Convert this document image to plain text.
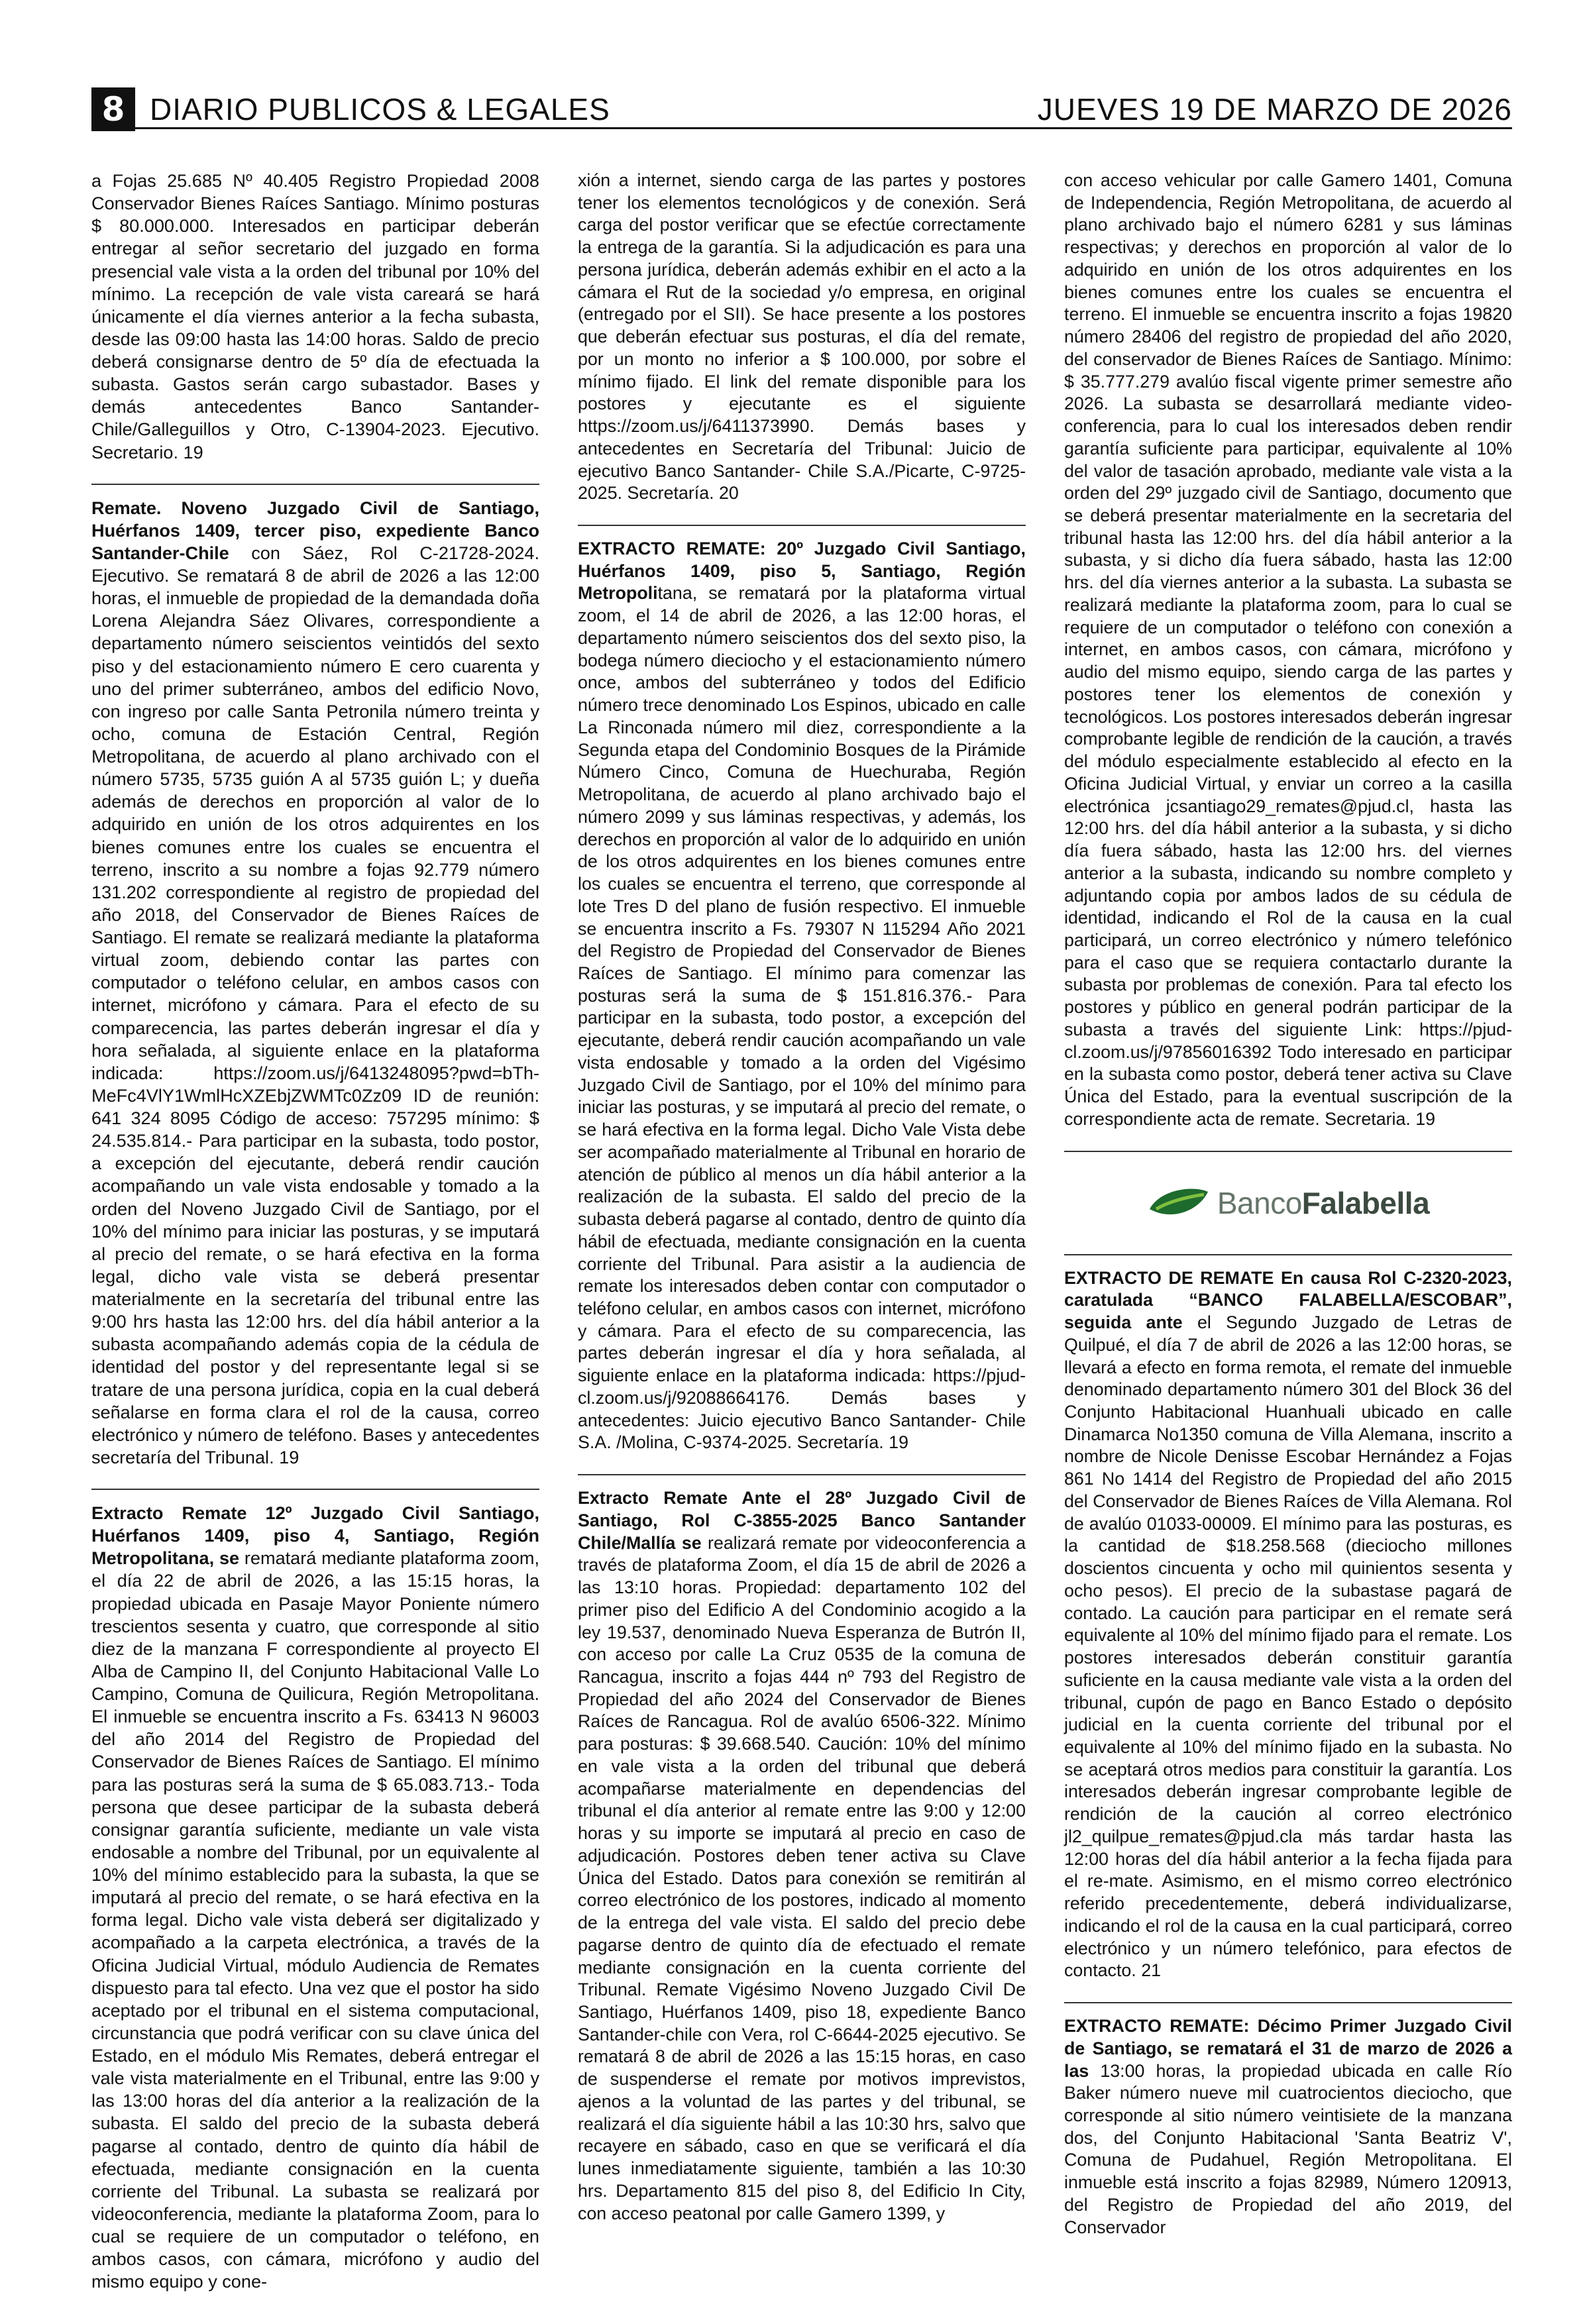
8 DIARIO PUBLICOS & LEGALES	JUEVES 19 DE MARZO DE 2026

a Fojas 25.685 Nº 40.405 Registro Propiedad 2008 Conservador Bienes Raíces Santiago. Mínimo posturas $ 80.000.000. Interesados en participar deberán entregar al señor secretario del juzgado en forma presencial vale vista a la orden del tribunal por 10% del mínimo. La recepción de vale vista careará se hará únicamente el día viernes anterior a la fecha subasta, desde las 09:00 hasta las 14:00 horas. Saldo de precio deberá consignarse dentro de 5º día de efectuada la subasta. Gastos serán cargo subastador. Bases y demás antecedentes Banco Santander-Chile/Galleguillos y Otro, C-13904-2023. Ejecutivo. Secretario. 19

Remate. Noveno Juzgado Civil de Santiago, Huérfanos 1409, tercer piso, expediente Banco Santander-Chile con Sáez, Rol C-21728-2024. Ejecutivo. Se rematará 8 de abril de 2026 a las 12:00 horas, el inmueble de propiedad de la demandada doña Lorena Alejandra Sáez Olivares, correspondiente a departamento número seiscientos veintidós del sexto piso y del estacionamiento número E cero cuarenta y uno del primer subterráneo, ambos del edificio Novo, con ingreso por calle Santa Petronila número treinta y ocho, comuna de Estación Central, Región Metropolitana, de acuerdo al plano archivado con el número 5735, 5735 guión A al 5735 guión L; y dueña además de derechos en proporción al valor de lo adquirido en unión de los otros adquirentes en los bienes comunes entre los cuales se encuentra el terreno, inscrito a su nombre a fojas 92.779 número 131.202 correspondiente al registro de propiedad del año 2018, del Conservador de Bienes Raíces de Santiago. El remate se realizará mediante la plataforma virtual zoom, debiendo contar las partes con computador o teléfono celular, en ambos casos con internet, micrófono y cámara. Para el efecto de su comparecencia, las partes deberán ingresar el día y hora señalada, al siguiente enlace en la plataforma indicada: https://zoom.us/j/6413248095?pwd=bTh-MeFc4VlY1WmlHcXZEbjZWMTc0Zz09 ID de reunión: 641 324 8095 Código de acceso: 757295 mínimo: $ 24.535.814.- Para participar en la subasta, todo postor, a excepción del ejecutante, deberá rendir caución acompañando un vale vista endosable y tomado a la orden del Noveno Juzgado Civil de Santiago, por el 10% del mínimo para iniciar las posturas, y se imputará al precio del remate, o se hará efectiva en la forma legal, dicho vale vista se deberá presentar materialmente en la secretaría del tribunal entre las 9:00 hrs hasta las 12:00 hrs. del día hábil anterior a la subasta acompañando además copia de la cédula de identidad del postor y del representante legal si se tratare de una persona jurídica, copia en la cual deberá señalarse en forma clara el rol de la causa, correo electrónico y número de teléfono. Bases y antecedentes secretaría del Tribunal. 19

Extracto Remate 12º Juzgado Civil Santiago, Huérfanos 1409, piso 4, Santiago, Región Metropolitana, se rematará mediante plataforma zoom, el día 22 de abril de 2026, a las 15:15 horas, la propiedad ubicada en Pasaje Mayor Poniente número trescientos sesenta y cuatro, que corresponde al sitio diez de la manzana F correspondiente al proyecto El Alba de Campino II, del Conjunto Habitacional Valle Lo Campino, Comuna de Quilicura, Región Metropolitana. El inmueble se encuentra inscrito a Fs. 63413 N 96003 del año 2014 del Registro de Propiedad del Conservador de Bienes Raíces de Santiago. El mínimo para las posturas será la suma de $ 65.083.713.- Toda persona que desee participar de la subasta deberá consignar garantía suficiente, mediante un vale vista endosable a nombre del Tribunal, por un equivalente al 10% del mínimo establecido para la subasta, la que se imputará al precio del remate, o se hará efectiva en la forma legal. Dicho vale vista deberá ser digitalizado y acompañado a la carpeta electrónica, a través de la Oficina Judicial Virtual, módulo Audiencia de Remates dispuesto para tal efecto. Una vez que el postor ha sido aceptado por el tribunal en el sistema computacional, circunstancia que podrá verificar con su clave única del Estado, en el módulo Mis Remates, deberá entregar el vale vista materialmente en el Tribunal, entre las 9:00 y las 13:00 horas del día anterior a la realización de la subasta. El saldo del precio de la subasta deberá pagarse al contado, dentro de quinto día hábil de efectuada, mediante consignación en la cuenta corriente del Tribunal. La subasta se realizará por videoconferencia, mediante la plataforma Zoom, para lo cual se requiere de un computador o teléfono, en ambos casos, con cámara, micrófono y audio del mismo equipo y cone-

xión a internet, siendo carga de las partes y postores tener los elementos tecnológicos y de conexión. Será carga del postor verificar que se efectúe correctamente la entrega de la garantía. Si la adjudicación es para una persona jurídica, deberán además exhibir en el acto a la cámara el Rut de la sociedad y/o empresa, en original (entregado por el SII). Se hace presente a los postores que deberán efectuar sus posturas, el día del remate, por un monto no inferior a $ 100.000, por sobre el mínimo fijado. El link del remate disponible para los postores y ejecutante es el siguiente https://zoom.us/j/6411373990. Demás bases y antecedentes en Secretaría del Tribunal: Juicio de ejecutivo Banco Santander- Chile S.A./Picarte, C-9725-2025. Secretaría. 20

EXTRACTO REMATE: 20º Juzgado Civil Santiago, Huérfanos 1409, piso 5, Santiago, Región Metropolitana, se rematará por la plataforma virtual zoom, el 14 de abril de 2026, a las 12:00 horas, el departamento número seiscientos dos del sexto piso, la bodega número dieciocho y el estacionamiento número once, ambos del subterráneo y todos del Edificio número trece denominado Los Espinos, ubicado en calle La Rinconada número mil diez, correspondiente a la Segunda etapa del Condominio Bosques de la Pirámide Número Cinco, Comuna de Huechuraba, Región Metropolitana, de acuerdo al plano archivado bajo el número 2099 y sus láminas respectivas, y además, los derechos en proporción al valor de lo adquirido en unión de los otros adquirentes en los bienes comunes entre los cuales se encuentra el terreno, que corresponde al lote Tres D del plano de fusión respectivo. El inmueble se encuentra inscrito a Fs. 79307 N 115294 Año 2021 del Registro de Propiedad del Conservador de Bienes Raíces de Santiago. El mínimo para comenzar las posturas será la suma de $ 151.816.376.- Para participar en la subasta, todo postor, a excepción del ejecutante, deberá rendir caución acompañando un vale vista endosable y tomado a la orden del Vigésimo Juzgado Civil de Santiago, por el 10% del mínimo para iniciar las posturas, y se imputará al precio del remate, o se hará efectiva en la forma legal. Dicho Vale Vista debe ser acompañado materialmente al Tribunal en horario de atención de público al menos un día hábil anterior a la realización de la subasta. El saldo del precio de la subasta deberá pagarse al contado, dentro de quinto día hábil de efectuada, mediante consignación en la cuenta corriente del Tribunal. Para asistir a la audiencia de remate los interesados deben contar con computador o teléfono celular, en ambos casos con internet, micrófono y cámara. Para el efecto de su comparecencia, las partes deberán ingresar el día y hora señalada, al siguiente enlace en la plataforma indicada: https://pjud-cl.zoom.us/j/92088664176. Demás bases y antecedentes: Juicio ejecutivo Banco Santander- Chile S.A. /Molina, C-9374-2025. Secretaría. 19

Extracto Remate Ante el 28º Juzgado Civil de Santiago, Rol C-3855-2025 Banco Santander Chile/Mallía se realizará remate por videoconferencia a través de plataforma Zoom, el día 15 de abril de 2026 a las 13:10 horas. Propiedad: departamento 102 del primer piso del Edificio A del Condominio acogido a la ley 19.537, denominado Nueva Esperanza de Butrón II, con acceso por calle La Cruz 0535 de la comuna de Rancagua, inscrito a fojas 444 nº 793 del Registro de Propiedad del año 2024 del Conservador de Bienes Raíces de Rancagua. Rol de avalúo 6506-322. Mínimo para posturas: $ 39.668.540. Caución: 10% del mínimo en vale vista a la orden del tribunal que deberá acompañarse materialmente en dependencias del tribunal el día anterior al remate entre las 9:00 y 12:00 horas y su importe se imputará al precio en caso de adjudicación. Postores deben tener activa su Clave Única del Estado. Datos para conexión se remitirán al correo electrónico de los postores, indicado al momento de la entrega del vale vista. El saldo del precio debe pagarse dentro de quinto día de efectuado el remate mediante consignación en la cuenta corriente del Tribunal. Remate Vigésimo Noveno Juzgado Civil De Santiago, Huérfanos 1409, piso 18, expediente Banco Santander-chile con Vera, rol C-6644-2025 ejecutivo. Se rematará 8 de abril de 2026 a las 15:15 horas, en caso de suspenderse el remate por motivos imprevistos, ajenos a la voluntad de las partes y del tribunal, se realizará el día siguiente hábil a las 10:30 hrs, salvo que recayere en sábado, caso en que se verificará el día lunes inmediatamente siguiente, también a las 10:30 hrs. Departamento 815 del piso 8, del Edificio In City, con acceso peatonal por calle Gamero 1399, y

con acceso vehicular por calle Gamero 1401, Comuna de Independencia, Región Metropolitana, de acuerdo al plano archivado bajo el número 6281 y sus láminas respectivas; y derechos en proporción al valor de lo adquirido en unión de los otros adquirentes en los bienes comunes entre los cuales se encuentra el terreno. El inmueble se encuentra inscrito a fojas 19820 número 28406 del registro de propiedad del año 2020, del conservador de Bienes Raíces de Santiago. Mínimo: $ 35.777.279 avalúo fiscal vigente primer semestre año 2026. La subasta se desarrollará mediante video-conferencia, para lo cual los interesados deben rendir garantía suficiente para participar, equivalente al 10% del valor de tasación aprobado, mediante vale vista a la orden del 29º juzgado civil de Santiago, documento que se deberá presentar materialmente en la secretaria del tribunal hasta las 12:00 hrs. del día hábil anterior a la subasta, y si dicho día fuera sábado, hasta las 12:00 hrs. del día viernes anterior a la subasta. La subasta se realizará mediante la plataforma zoom, para lo cual se requiere de un computador o teléfono con conexión a internet, en ambos casos, con cámara, micrófono y audio del mismo equipo, siendo carga de las partes y postores tener los elementos de conexión y tecnológicos. Los postores interesados deberán ingresar comprobante legible de rendición de la caución, a través del módulo especialmente establecido al efecto en la Oficina Judicial Virtual, y enviar un correo a la casilla electrónica jcsantiago29_remates@pjud.cl, hasta las 12:00 hrs. del día hábil anterior a la subasta, y si dicho día fuera sábado, hasta las 12:00 hrs. del viernes anterior a la subasta, indicando su nombre completo y adjuntando copia por ambos lados de su cédula de identidad, indicando el Rol de la causa en la cual participará, un correo electrónico y número telefónico para el caso que se requiera contactarlo durante la subasta por problemas de conexión. Para tal efecto los postores y público en general podrán participar de la subasta a través del siguiente Link: https://pjud-cl.zoom.us/j/97856016392 Todo interesado en participar en la subasta como postor, deberá tener activa su Clave Única del Estado, para la eventual suscripción de la correspondiente acta de remate. Secretaria. 19

BancoFalabella

EXTRACTO DE REMATE En causa Rol C-2320-2023, caratulada “BANCO FALABELLA/ESCOBAR”, seguida ante el Segundo Juzgado de Letras de Quilpué, el día 7 de abril de 2026 a las 12:00 horas, se llevará a efecto en forma remota, el remate del inmueble denominado departamento número 301 del Block 36 del Conjunto Habitacional Huanhuali ubicado en calle Dinamarca No1350 comuna de Villa Alemana, inscrito a nombre de Nicole Denisse Escobar Hernández a Fojas 861 No 1414 del Registro de Propiedad del año 2015 del Conservador de Bienes Raíces de Villa Alemana. Rol de avalúo 01033-00009. El mínimo para las posturas, es la cantidad de $18.258.568 (dieciocho millones doscientos cincuenta y ocho mil quinientos sesenta y ocho pesos). El precio de la subastase pagará de contado. La caución para participar en el remate será equivalente al 10% del mínimo fijado para el remate. Los postores interesados deberán constituir garantía suficiente en la causa mediante vale vista a la orden del tribunal, cupón de pago en Banco Estado o depósito judicial en la cuenta corriente del tribunal por el equivalente al 10% del mínimo fijado en la subasta. No se aceptará otros medios para constituir la garantía. Los interesados deberán ingresar comprobante legible de rendición de la caución al correo electrónico jl2_quilpue_remates@pjud.cla más tardar hasta las 12:00 horas del día hábil anterior a la fecha fijada para el re-mate. Asimismo, en el mismo correo electrónico referido precedentemente, deberá individualizarse, indicando el rol de la causa en la cual participará, correo electrónico y un número telefónico, para efectos de contacto. 21

EXTRACTO REMATE: Décimo Primer Juzgado Civil de Santiago, se rematará el 31 de marzo de 2026 a las 13:00 horas, la propiedad ubicada en calle Río Baker número nueve mil cuatrocientos dieciocho, que corresponde al sitio número veintisiete de la manzana dos, del Conjunto Habitacional 'Santa Beatriz V', Comuna de Pudahuel, Región Metropolitana. El inmueble está inscrito a fojas 82989, Número 120913, del Registro de Propiedad del año 2019, del Conservador
